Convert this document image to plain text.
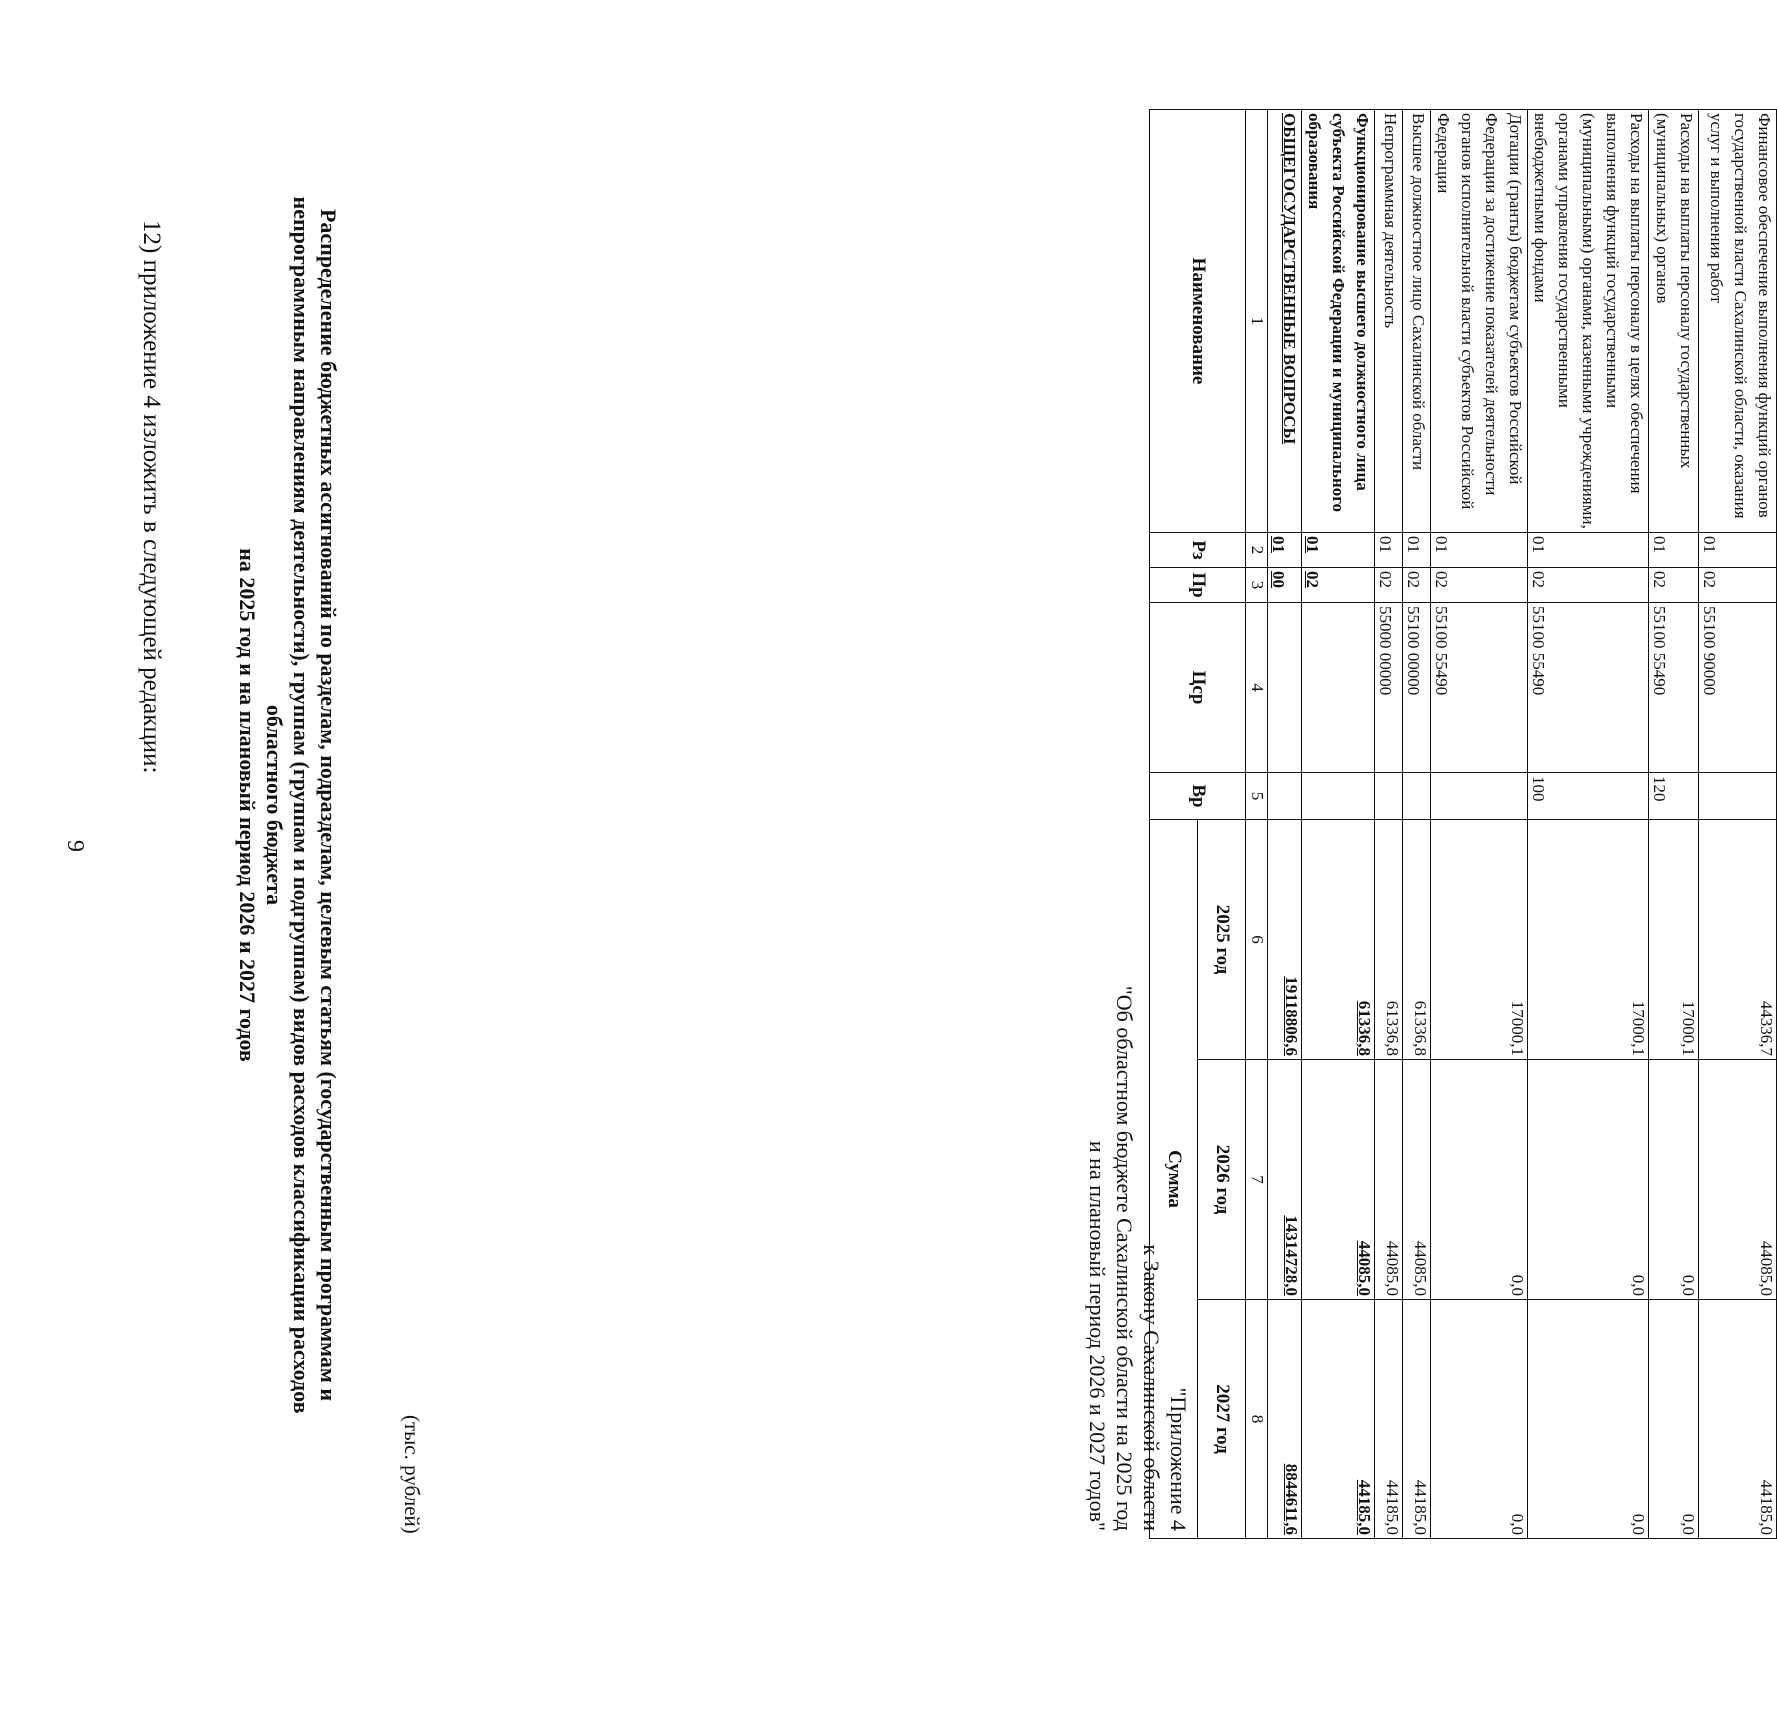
9
12) приложение 4 изложить в следующей редакции:
"Приложение 4
к Закону Сахалинской области
"Об областном бюджете Сахалинской области на 2025 год
и на плановый период 2026 и 2027 годов"
Распределение бюджетных ассигнований по разделам, подразделам, целевым статьям (государственным программам и
непрограммным направлениям деятельности), группам (группам и подгруппам) видов расходов классификации расходов
областного бюджета
на 2025 год и на плановый период 2026 и 2027 годов
(тыс. рублей)
Наименование	Рз	Пр	Цср	Вр	Сумма		

					2025 год	2026 год	2027 год

1	2	3	4	5	6	7	8

ОБЩЕГОСУДАРСТВЕННЫЕ ВОПРОСЫ	01	00			19118806,6	14314728,0	8844611,6

Функционирование высшего должностного лица субъекта Российской Федерации и муниципального образования	01	02			61336,8	44085,0	44185,0

Непрограммная деятельность	01	02	55000 00000		61336,8	44085,0	44185,0

Высшее должностное лицо Сахалинской области	01	02	55100 00000		61336,8	44085,0	44185,0

Дотации (гранты) бюджетам субъектов Российской Федерации за достижение показателей деятельности органов исполнительной власти субъектов Российской Федерации	01	02	55100 55490		17000,1	0,0	0,0

Расходы на выплаты персоналу в целях обеспечения выполнения функций государственными (муниципальными) органами, казенными учреждениями, органами управления государственными внебюджетными фондами	01	02	55100 55490	100	17000,1	0,0	0,0

Расходы на выплаты персоналу государственных (муниципальных) органов	01	02	55100 55490	120	17000,1	0,0	0,0

Финансовое обеспечение выполнения функций органов государственной власти Сахалинской области, оказания услуг и выполнения работ	01	02	55100 90000		44336,7	44085,0	44185,0
